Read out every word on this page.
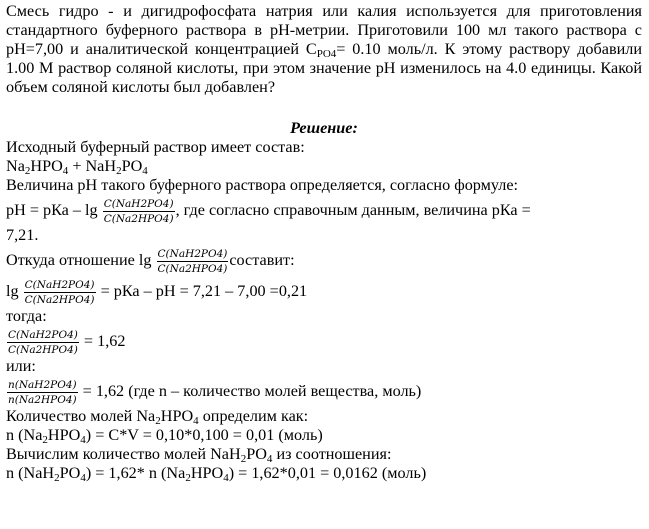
Смесь гидро - и дигидрофосфата натрия или калия используется для приготовления стандартного буферного раствора в рН-метрии. Приготовили 100 мл такого раствора с рН=7,00 и аналитической концентрацией $С_{PO4}= 0.10$ моль/л. К этому раствору добавили 1.00 М раствор соляной кислоты, при этом значение рН изменилось на 4.0 единицы. Какой объем соляной кислоты был добавлен?

Решение:
Исходный буферный раствор имеет состав:
$Na_2HPO_4 + NaH_2PO_4$
Величина рН такого буферного раствора определяется, согласно формуле:
рН = рКа – $\lg \frac{\text{C(NaH2PO4)}}{\text{C(Na2HPO4)}}$ , где согласно справочным данным, величина рКа =
7,21.
Откуда отношение $\lg \frac{\text{C(NaH2PO4)}}{\text{C(Na2HPO4)}}$ составит:
$\lg \frac{\text{C(NaH2PO4)}}{\text{C(Na2HPO4)}}$ = рКа – рН = 7,21 – 7,00 =0,21
тогда:
$\frac{\text{C(NaH2PO4)}}{\text{C(Na2HPO4)}} = 1,62$
или:
$\frac{\text{n(NaH2PO4)}}{\text{n(Na2HPO4)}} = 1,62$ (где n – количество молей вещества, моль)
Количество молей $Na_2HPO_4$ определим как:
n $(Na_2HPO_4) = С*V = 0,10*0,100 = 0,01$ (моль)
Вычислим количество молей $NaH_2PO_4$ из соотношения:
n $(NaH_2PO_4) = 1,62*$ n $(Na_2HPO_4) = 1,62*0,01 = 0,0162$ (моль)
